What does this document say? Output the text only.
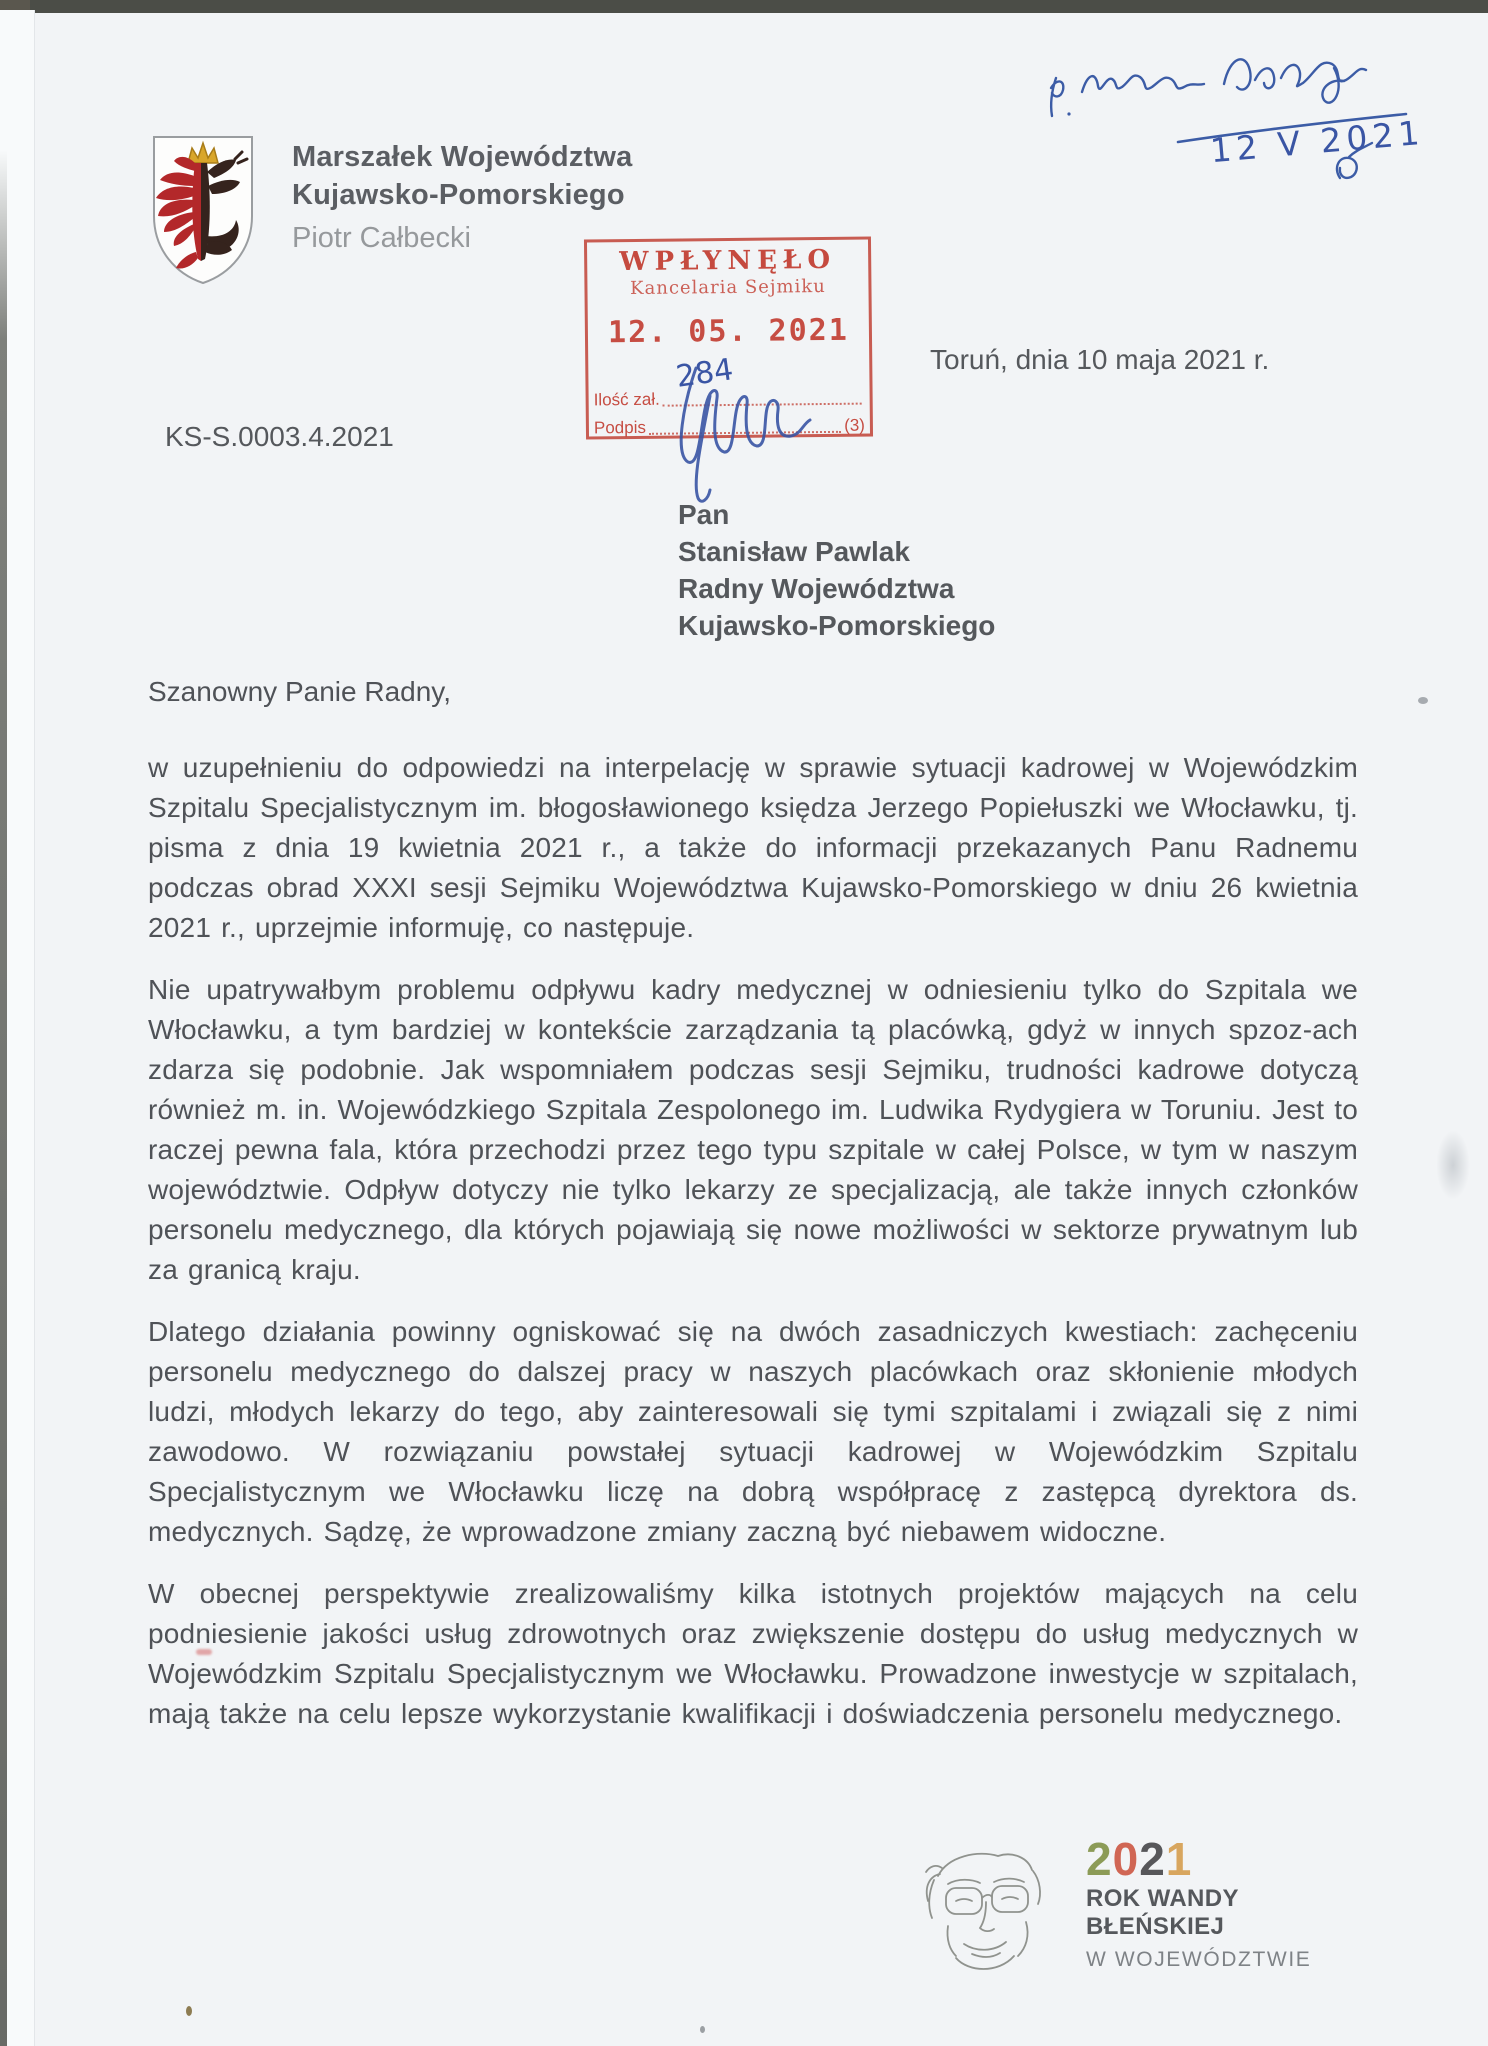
Marszałek Województwa
Kujawsko-Pomorskiego
Piotr Całbecki
12 V 2021
WPŁYNĘŁO
Kancelaria Sejmiku
12. 05. 2021
Ilość zał.
Podpis	(3)
284	Toruń, dnia 10 maja 2021 r.
KS-S.0003.4.2021
Pan
Stanisław Pawlak
Radny Województwa
Kujawsko-Pomorskiego

Szanowny Panie Radny,

w uzupełnieniu do odpowiedzi na interpelację w sprawie sytuacji kadrowej w Wojewódzkim Szpitalu Specjalistycznym im. błogosławionego księdza Jerzego Popiełuszki we Włocławku, tj. pisma z dnia 19 kwietnia 2021 r., a także do informacji przekazanych Panu Radnemu podczas obrad XXXI sesji Sejmiku Województwa Kujawsko-Pomorskiego w dniu 26 kwietnia 2021 r., uprzejmie informuję, co następuje.

Nie upatrywałbym problemu odpływu kadry medycznej w odniesieniu tylko do Szpitala we Włocławku, a tym bardziej w kontekście zarządzania tą placówką, gdyż w innych spzoz-ach zdarza się podobnie. Jak wspomniałem podczas sesji Sejmiku, trudności kadrowe dotyczą również m. in. Wojewódzkiego Szpitala Zespolonego im. Ludwika Rydygiera w Toruniu. Jest to raczej pewna fala, która przechodzi przez tego typu szpitale w całej Polsce, w tym w naszym województwie. Odpływ dotyczy nie tylko lekarzy ze specjalizacją, ale także innych członków personelu medycznego, dla których pojawiają się nowe możliwości w sektorze prywatnym lub za granicą kraju.

Dlatego działania powinny ogniskować się na dwóch zasadniczych kwestiach: zachęceniu personelu medycznego do dalszej pracy w naszych placówkach oraz skłonienie młodych ludzi, młodych lekarzy do tego, aby zainteresowali się tymi szpitalami i związali się z nimi zawodowo. W rozwiązaniu powstałej sytuacji kadrowej w Wojewódzkim Szpitalu Specjalistycznym we Włocławku liczę na dobrą współpracę z zastępcą dyrektora ds. medycznych. Sądzę, że wprowadzone zmiany zaczną być niebawem widoczne.

W obecnej perspektywie zrealizowaliśmy kilka istotnych projektów mających na celu podniesienie jakości usług zdrowotnych oraz zwiększenie dostępu do usług medycznych w Wojewódzkim Szpitalu Specjalistycznym we Włocławku. Prowadzone inwestycje w szpitalach, mają także na celu lepsze wykorzystanie kwalifikacji i doświadczenia personelu medycznego.

2021
ROK WANDY BŁEŃSKIEJ
W WOJEWÓDZTWIE
